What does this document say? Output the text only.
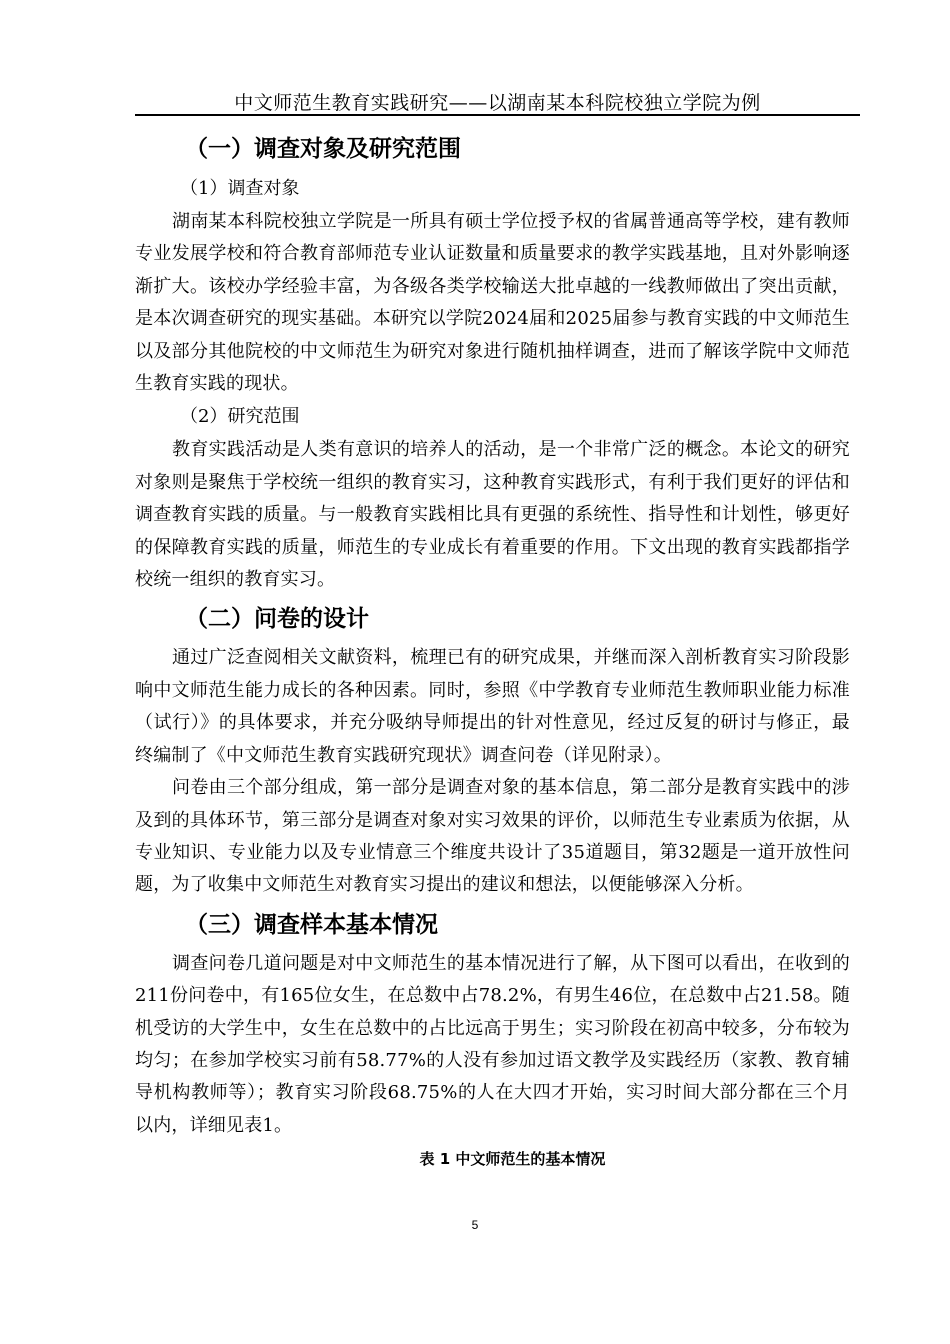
中文师范生教育实践研究——以湖南某本科院校独立学院为例
（一）调查对象及研究范围
（1）调查对象

湖南某本科院校独立学院是一所具有硕士学位授予权的省属普通高等学校，建有教师专业发展学校和符合教育部师范专业认证数量和质量要求的教学实践基地，且对外影响逐渐扩大。该校办学经验丰富，为各级各类学校输送大批卓越的一线教师做出了突出贡献，是本次调查研究的现实基础。本研究以学院2024届和2025届参与教育实践的中文师范生以及部分其他院校的中文师范生为研究对象进行随机抽样调查，进而了解该学院中文师范生教育实践的现状。

（2）研究范围

教育实践活动是人类有意识的培养人的活动，是一个非常广泛的概念。本论文的研究对象则是聚焦于学校统一组织的教育实习，这种教育实践形式，有利于我们更好的评估和调查教育实践的质量。与一般教育实践相比具有更强的系统性、指导性和计划性，够更好的保障教育实践的质量，师范生的专业成长有着重要的作用。下文出现的教育实践都指学校统一组织的教育实习。

（二）问卷的设计

通过广泛查阅相关文献资料，梳理已有的研究成果，并继而深入剖析教育实习阶段影响中文师范生能力成长的各种因素。同时，参照《中学教育专业师范生教师职业能力标准（试行）》的具体要求，并充分吸纳导师提出的针对性意见，经过反复的研讨与修正，最终编制了《中文师范生教育实践研究现状》调查问卷（详见附录）。

问卷由三个部分组成，第一部分是调查对象的基本信息，第二部分是教育实践中的涉及到的具体环节，第三部分是调查对象对实习效果的评价，以师范生专业素质为依据，从专业知识、专业能力以及专业情意三个维度共设计了35道题目，第32题是一道开放性问题，为了收集中文师范生对教育实习提出的建议和想法，以便能够深入分析。

（三）调查样本基本情况

调查问卷几道问题是对中文师范生的基本情况进行了解，从下图可以看出，在收到的211份问卷中，有165位女生，在总数中占78.2%，有男生46位，在总数中占21.58。随机受访的大学生中，女生在总数中的占比远高于男生；实习阶段在初高中较多，分布较为均匀；在参加学校实习前有58.77%的人没有参加过语文教学及实践经历（家教、教育辅导机构教师等）；教育实习阶段68.75%的人在大四才开始，实习时间大部分都在三个月以内，详细见表1。

表 1 中文师范生的基本情况
5
